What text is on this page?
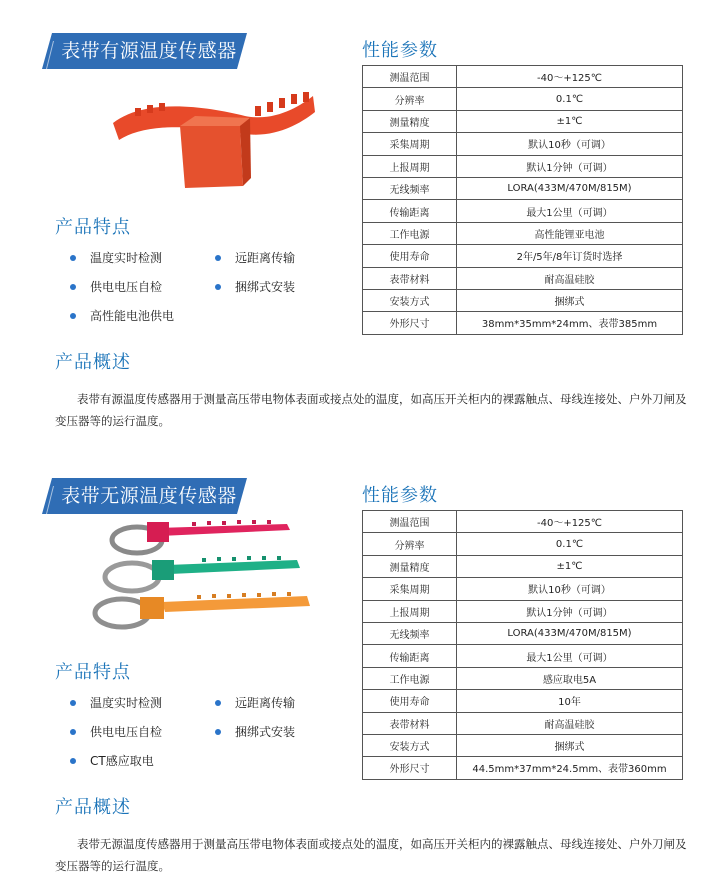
表带有源温度传感器
产品特点
温度实时检测	远距离传输
供电电压自检	捆绑式安装
高性能电池供电
产品概述
表带有源温度传感器用于测量高压带电物体表面或接点处的温度，如高压开关柜内的裸露触点、母线连接处、户外刀闸及变压器等的运行温度。
性能参数
测温范围	-40～+125℃
分辨率	0.1℃
测量精度	±1℃
采集周期	默认10秒（可调）
上报周期	默认1分钟（可调）
无线频率	LORA(433M/470M/815M)
传输距离	最大1公里（可调）
工作电源	高性能锂亚电池
使用寿命	2年/5年/8年订货时选择
表带材料	耐高温硅胶
安装方式	捆绑式
外形尺寸	38mm*35mm*24mm、表带385mm
表带无源温度传感器
产品特点
温度实时检测	远距离传输
供电电压自检	捆绑式安装
CT感应取电
产品概述
表带无源温度传感器用于测量高压带电物体表面或接点处的温度，如高压开关柜内的裸露触点、母线连接处、户外刀闸及变压器等的运行温度。
性能参数
测温范围	-40～+125℃
分辨率	0.1℃
测量精度	±1℃
采集周期	默认10秒（可调）
上报周期	默认1分钟（可调）
无线频率	LORA(433M/470M/815M)
传输距离	最大1公里（可调）
工作电源	感应取电5A
使用寿命	10年
表带材料	耐高温硅胶
安装方式	捆绑式
外形尺寸	44.5mm*37mm*24.5mm、表带360mm
